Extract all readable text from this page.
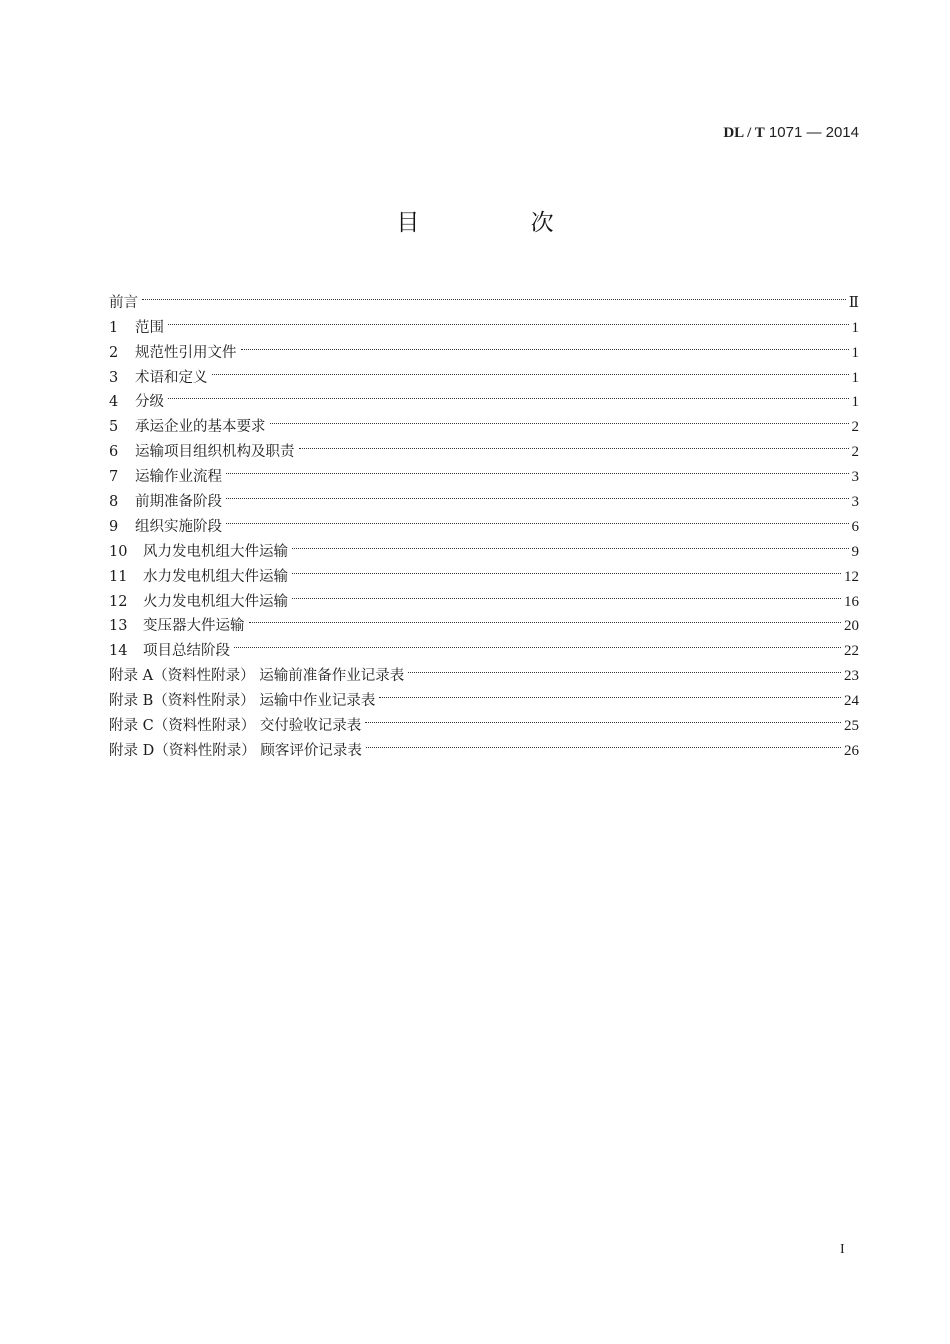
DL / T 1071 — 2014
目 次
前言	Ⅱ
1	范围	1
2	规范性引用文件	1
3	术语和定义	1
4	分级	1
5	承运企业的基本要求	2
6	运输项目组织机构及职责	2
7	运输作业流程	3
8	前期准备阶段	3
9	组织实施阶段	6
10	风力发电机组大件运输	9
11	水力发电机组大件运输	12
12	火力发电机组大件运输	16
13	变压器大件运输	20
14	项目总结阶段	22
附录 A（资料性附录） 运输前准备作业记录表	23
附录 B（资料性附录） 运输中作业记录表	24
附录 C（资料性附录） 交付验收记录表	25
附录 D（资料性附录） 顾客评价记录表	26
I
